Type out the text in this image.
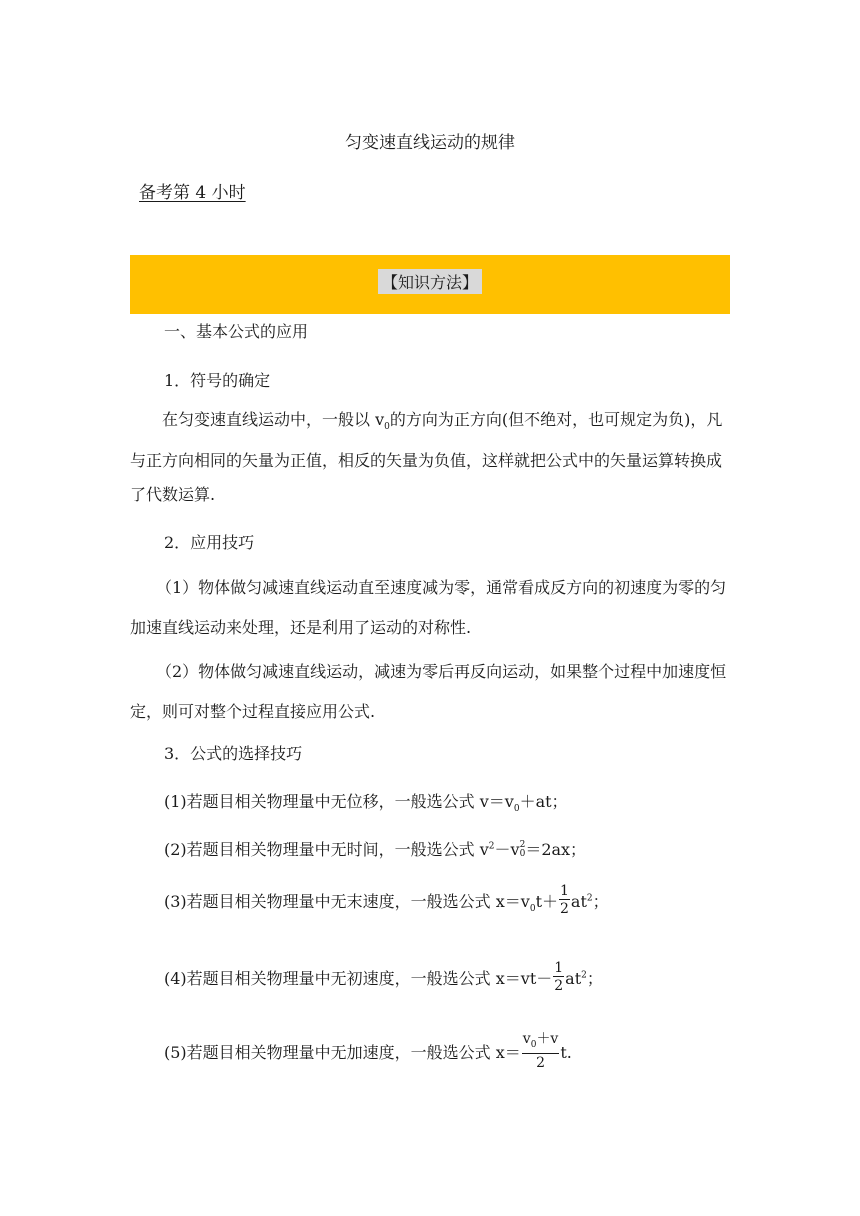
匀变速直线运动的规律
备考第 4 小时
【知识方法】
一、基本公式的应用
1．符号的确定
在匀变速直线运动中，一般以 $v_0$的方向为正方向(但不绝对，也可规定为负)，凡与正方向相同的矢量为正值，相反的矢量为负值，这样就把公式中的矢量运算转换成了代数运算.
2．应用技巧
（1）物体做匀减速直线运动直至速度减为零，通常看成反方向的初速度为零的匀加速直线运动来处理，还是利用了运动的对称性.
（2）物体做匀减速直线运动，减速为零后再反向运动，如果整个过程中加速度恒定，则可对整个过程直接应用公式.
3．公式的选择技巧
(1)若题目相关物理量中无位移，一般选公式 $v=v_0+at$；
(2)若题目相关物理量中无时间，一般选公式 $v^2-v$ 2
0 ＝2ax；
(3)若题目相关物理量中无末速度，一般选公式 $x=v_0t+ \frac{1}{2} at^2$；
(4)若题目相关物理量中无初速度，一般选公式 $x=vt- \frac{1}{2} at^2$；
(5)若题目相关物理量中无加速度，一般选公式 $x= \frac{v_0+v}{2} t$.
